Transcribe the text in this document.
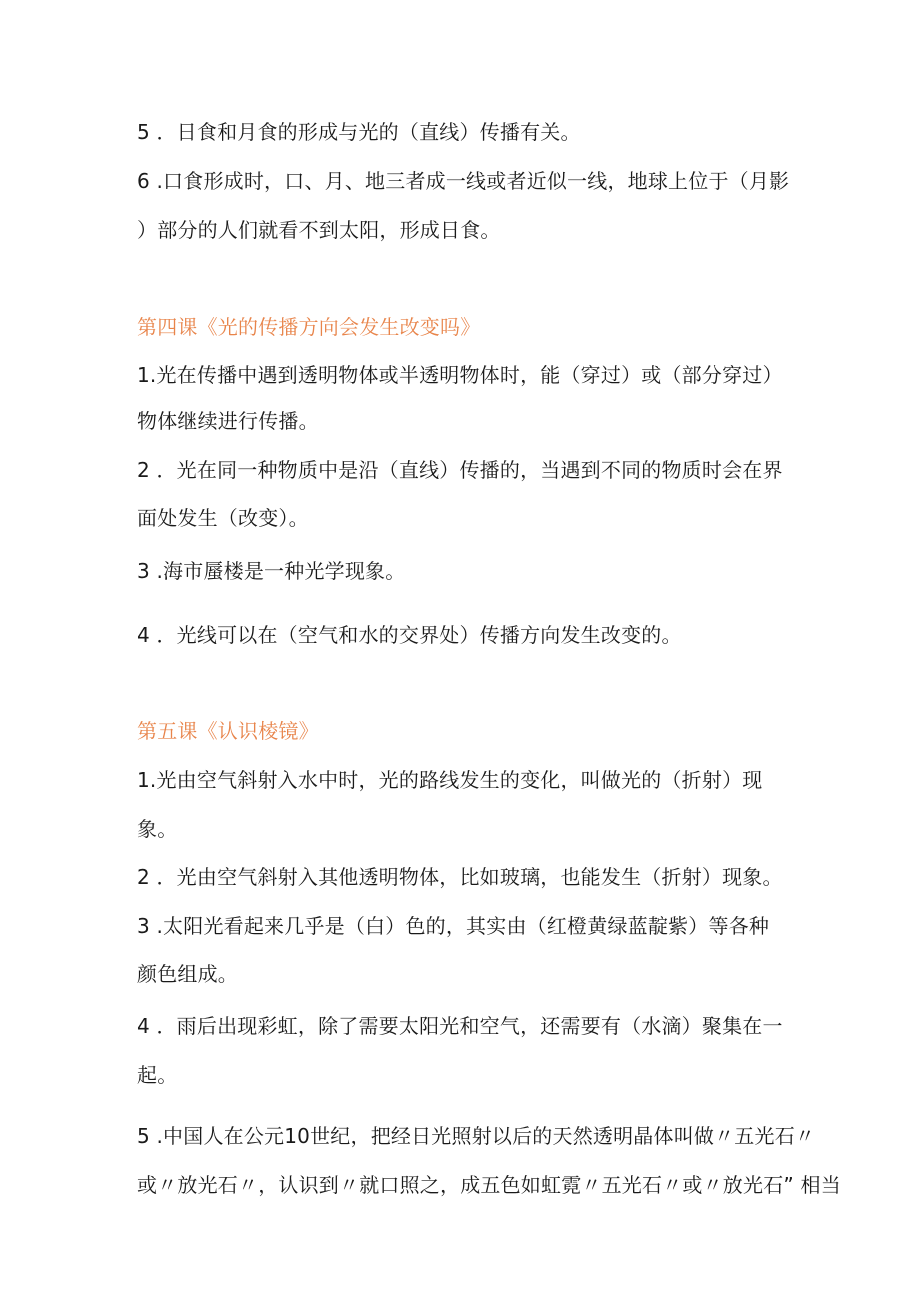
5 ．日食和月食的形成与光的（直线）传播有关。
6 .口食形成时，口、月、地三者成一线或者近似一线，地球上位于（月影
）部分的人们就看不到太阳，形成日食。
第四课《光的传播方向会发生改变吗》
1.光在传播中遇到透明物体或半透明物体时，能（穿过）或（部分穿过）
物体继续进行传播。
2 ．光在同一种物质中是沿（直线）传播的，当遇到不同的物质时会在界
面处发生（改变）。
3 .海市蜃楼是一种光学现象。
4 ．光线可以在（空气和水的交界处）传播方向发生改变的。
第五课《认识棱镜》
1.光由空气斜射入水中时，光的路线发生的变化，叫做光的（折射）现
象。
2 ．光由空气斜射入其他透明物体，比如玻璃，也能发生（折射）现象。
3 .太阳光看起来几乎是（白）色的，其实由（红橙黄绿蓝靛紫）等各种
颜色组成。
4 ．雨后出现彩虹，除了需要太阳光和空气，还需要有（水滴）聚集在一
起。
5 .中国人在公元10世纪，把经日光照射以后的天然透明晶体叫做〃五光石〃
或〃放光石〃，认识到〃就口照之，成五色如虹霓〃五光石〃或〃放光石” 相当
